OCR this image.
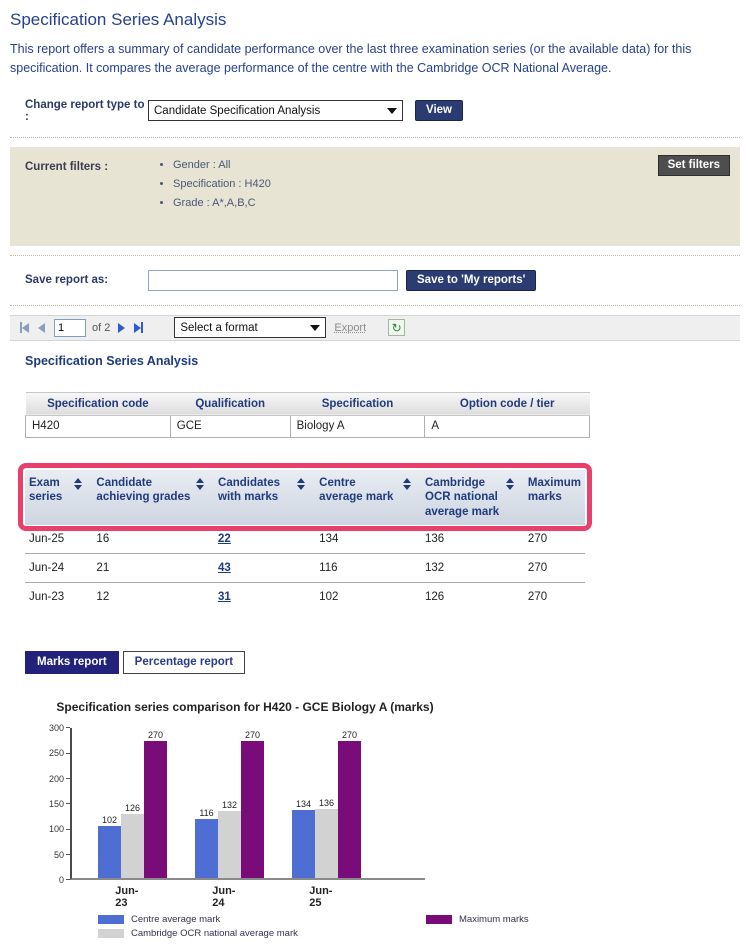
Specification Series Analysis

This report offers a summary of candidate performance over the last three examination series (or the available data) for this specification. It compares the average performance of the centre with the Cambridge OCR National Average.

Change report type to :	Candidate Specification Analysis	View
Current filters :	• Gender : All
• Specification : H420
• Grade : A*,A,B,C
Set filters
Save report as:	Save to 'My reports'
1
of 2	Select a format	Export ↻
Specification Series Analysis
Specification code	Qualification	Specification	Option code / tier
H420	GCE	Biology A	A
Exam series	Candidate achieving grades	Candidates with marks	Centre average mark	Cambridge OCR national average mark	Maximum marks

Jun-25	16	22	134	136	270
Jun-24	21	43	116	132	270
Jun-23	12	31	102	126	270
Marks report	Percentage report
Specification series comparison for H420 - GCE Biology A (marks)
0
50
100
150
200
250
300
102
126
270
Jun-23
116
132
270
Jun-24
134 136
270
Jun-25
Centre average mark
Cambridge OCR national average mark
Maximum marks
